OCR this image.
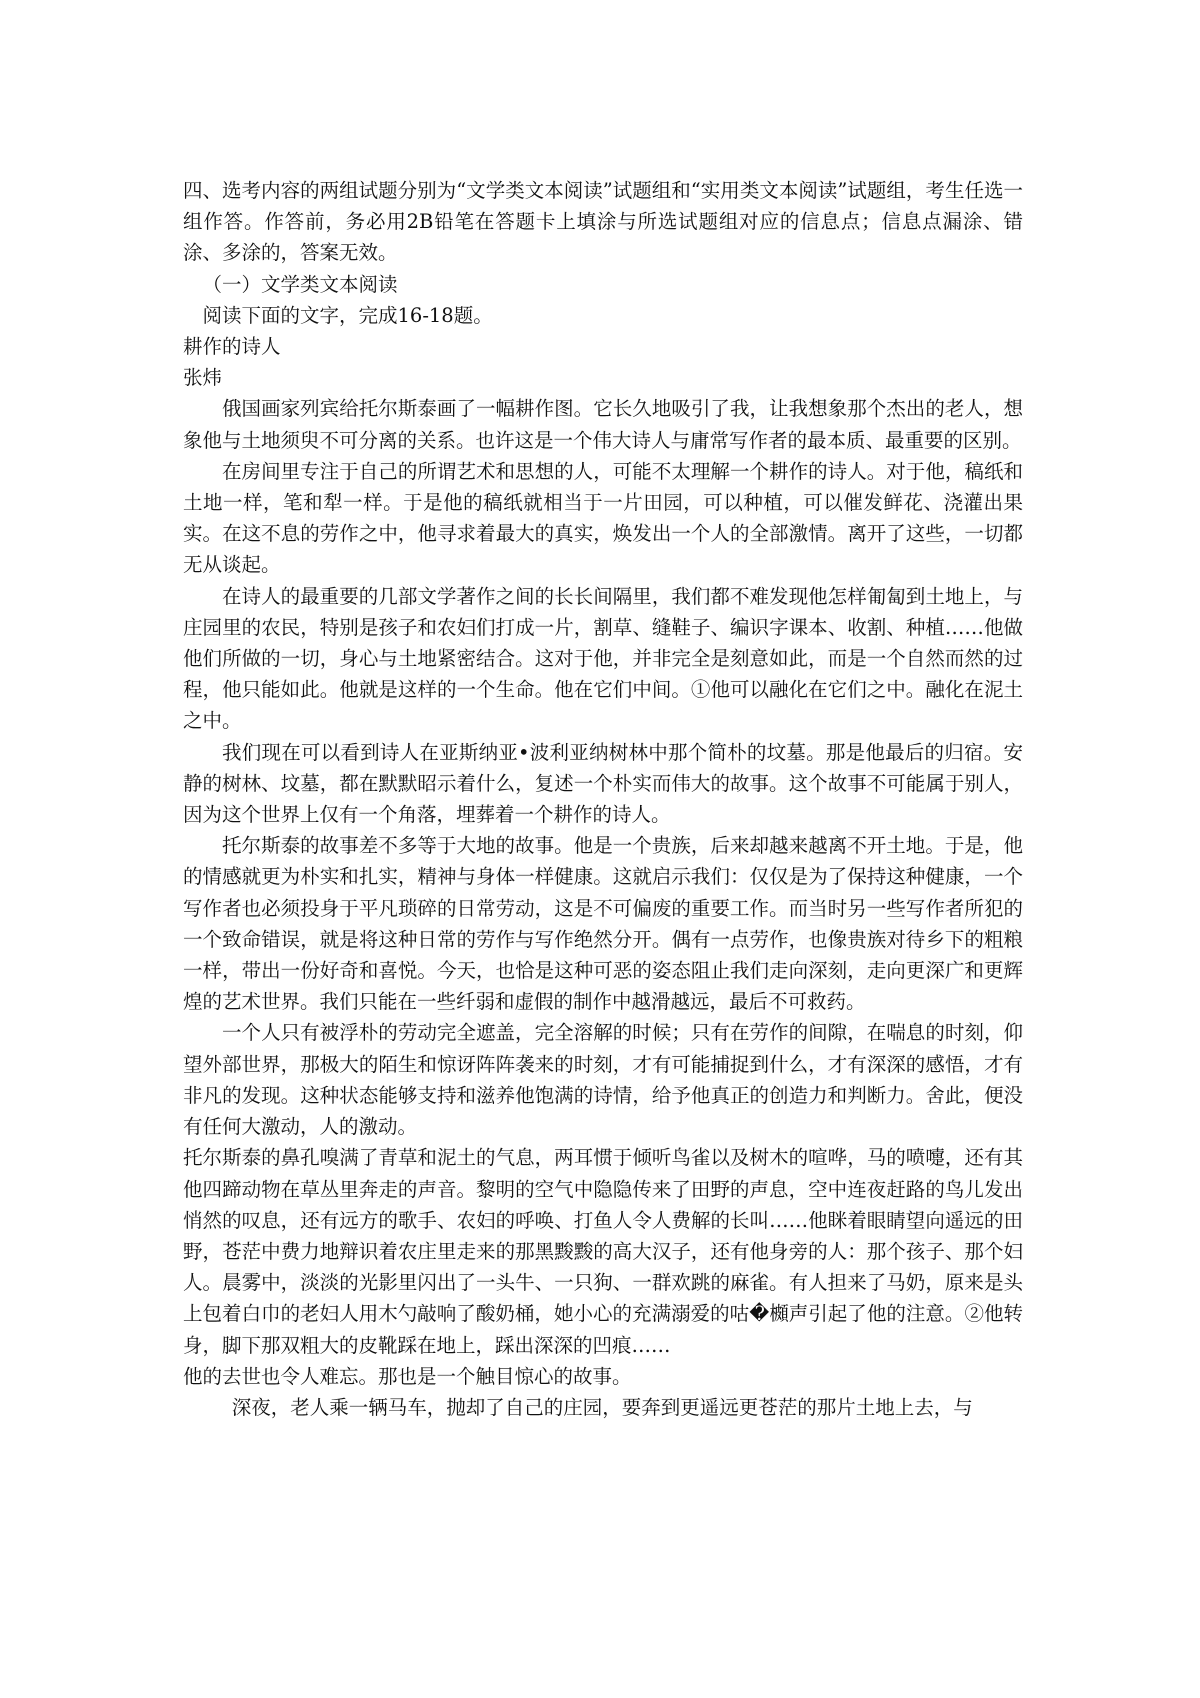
四、选考内容的两组试题分别为“文学类文本阅读”试题组和“实用类文本阅读”试题组，考生任选一组作答。作答前，务必用2B铅笔在答题卡上填涂与所选试题组对应的信息点；信息点漏涂、错涂、多涂的，答案无效。

（一）文学类文本阅读

阅读下面的文字，完成16-18题。

耕作的诗人

张炜

俄国画家列宾给托尔斯泰画了一幅耕作图。它长久地吸引了我，让我想象那个杰出的老人，想象他与土地须臾不可分离的关系。也许这是一个伟大诗人与庸常写作者的最本质、最重要的区别。

在房间里专注于自己的所谓艺术和思想的人，可能不太理解一个耕作的诗人。对于他，稿纸和土地一样，笔和犁一样。于是他的稿纸就相当于一片田园，可以种植，可以催发鲜花、浇灌出果实。在这不息的劳作之中，他寻求着最大的真实，焕发出一个人的全部激情。离开了这些，一切都无从谈起。

在诗人的最重要的几部文学著作之间的长长间隔里，我们都不难发现他怎样匍匐到土地上，与庄园里的农民，特别是孩子和农妇们打成一片，割草、缝鞋子、编识字课本、收割、种植……他做他们所做的一切，身心与土地紧密结合。这对于他，并非完全是刻意如此，而是一个自然而然的过程，他只能如此。他就是这样的一个生命。他在它们中间。①他可以融化在它们之中。融化在泥土之中。

我们现在可以看到诗人在亚斯纳亚•波利亚纳树林中那个简朴的坟墓。那是他最后的归宿。安静的树林、坟墓，都在默默昭示着什么，复述一个朴实而伟大的故事。这个故事不可能属于别人，因为这个世界上仅有一个角落，埋葬着一个耕作的诗人。

托尔斯泰的故事差不多等于大地的故事。他是一个贵族，后来却越来越离不开土地。于是，他的情感就更为朴实和扎实，精神与身体一样健康。这就启示我们：仅仅是为了保持这种健康，一个写作者也必须投身于平凡琐碎的日常劳动，这是不可偏废的重要工作。而当时另一些写作者所犯的一个致命错误，就是将这种日常的劳作与写作绝然分开。偶有一点劳作，也像贵族对待乡下的粗粮一样，带出一份好奇和喜悦。今天，也恰是这种可恶的姿态阻止我们走向深刻，走向更深广和更辉煌的艺术世界。我们只能在一些纤弱和虚假的制作中越滑越远，最后不可救药。

一个人只有被浮朴的劳动完全遮盖，完全溶解的时候；只有在劳作的间隙，在喘息的时刻，仰望外部世界，那极大的陌生和惊讶阵阵袭来的时刻，才有可能捕捉到什么，才有深深的感悟，才有非凡的发现。这种状态能够支持和滋养他饱满的诗情，给予他真正的创造力和判断力。舍此，便没有任何大激动，人的激动。

托尔斯泰的鼻孔嗅满了青草和泥土的气息，两耳惯于倾听鸟雀以及树木的喧哗，马的喷嚏，还有其他四蹄动物在草丛里奔走的声音。黎明的空气中隐隐传来了田野的声息，空中连夜赶路的鸟儿发出悄然的叹息，还有远方的歌手、农妇的呼唤、打鱼人令人费解的长叫……他眯着眼睛望向遥远的田野，苍茫中费力地辩识着农庄里走来的那黑黢黢的高大汉子，还有他身旁的人：那个孩子、那个妇人。晨雾中，淡淡的光影里闪出了一头牛、一只狗、一群欢跳的麻雀。有人担来了马奶，原来是头上包着白巾的老妇人用木勺敲响了酸奶桶，她小心的充满溺爱的咕�櫇声引起了他的注意。②他转身，脚下那双粗大的皮靴踩在地上，踩出深深的凹痕……

他的去世也令人难忘。那也是一个触目惊心的故事。

深夜，老人乘一辆马车，抛却了自己的庄园，要奔到更遥远更苍茫的那片土地上去，与
